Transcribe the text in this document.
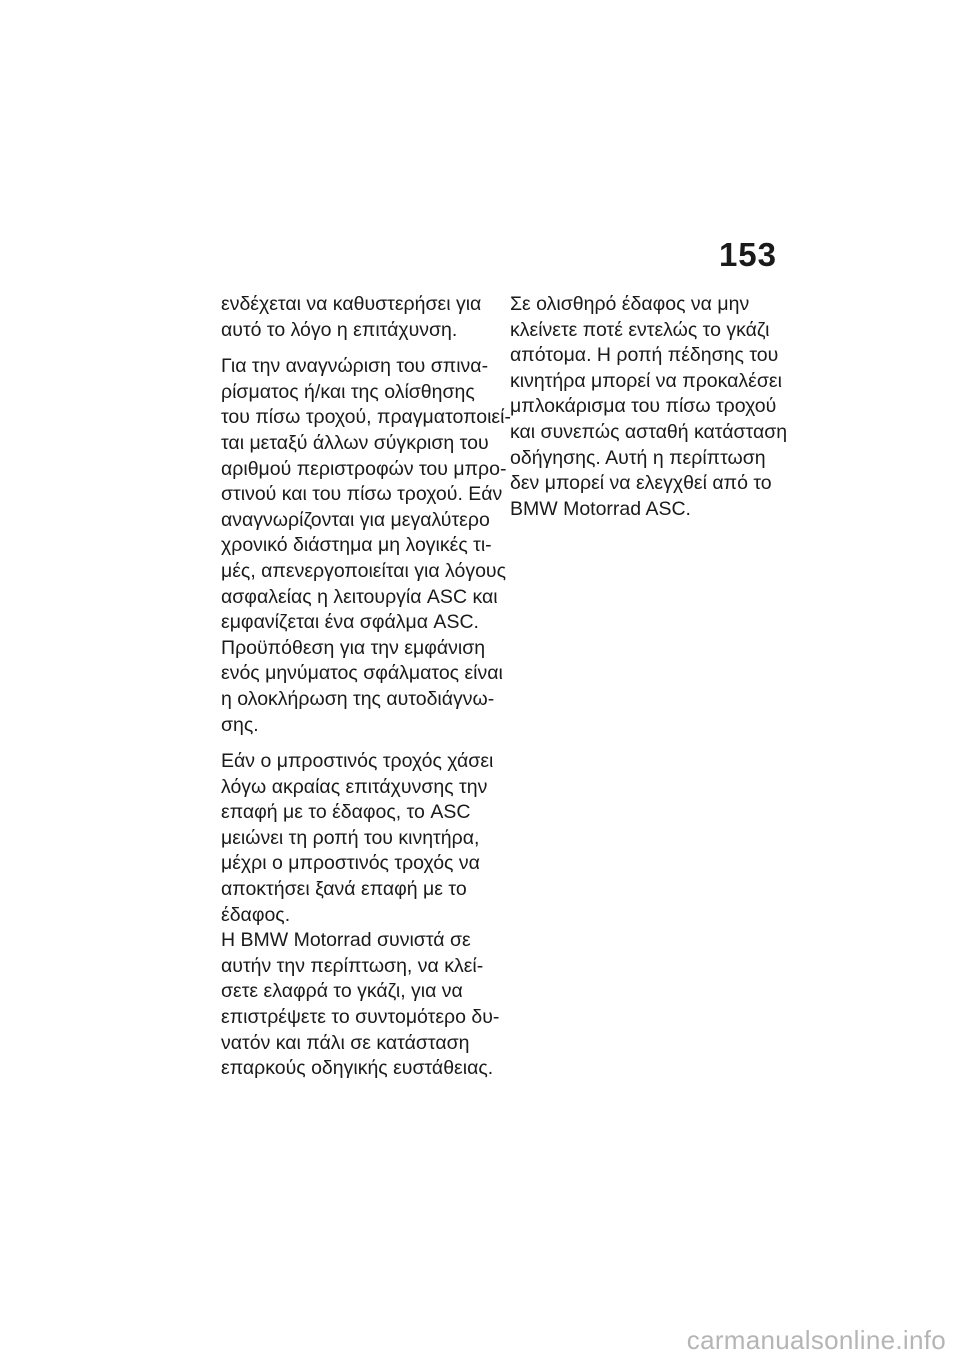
153

ενδέχεται να καθυστερήσει για
αυτό το λόγο η επιτάχυνση.

Για την αναγνώριση του σπινα-
ρίσματος ή/και της ολίσθησης
του πίσω τροχού, πραγματοποιεί-
ται μεταξύ άλλων σύγκριση του
αριθμού περιστροφών του μπρο-
στινού και του πίσω τροχού. Εάν
αναγνωρίζονται για μεγαλύτερο
χρονικό διάστημα μη λογικές τι-
μές, απενεργοποιείται για λόγους
ασφαλείας η λειτουργία ASC και
εμφανίζεται ένα σφάλμα ASC.
Προϋπόθεση για την εμφάνιση
ενός μηνύματος σφάλματος είναι
η ολοκλήρωση της αυτοδιάγνω-
σης.

Εάν ο μπροστινός τροχός χάσει
λόγω ακραίας επιτάχυνσης την
επαφή με το έδαφος, το ASC
μειώνει τη ροπή του κινητήρα,
μέχρι ο μπροστινός τροχός να
αποκτήσει ξανά επαφή με το
έδαφος.

Η BMW Motorrad συνιστά σε
αυτήν την περίπτωση, να κλεί-
σετε ελαφρά το γκάζι, για να
επιστρέψετε το συντομότερο δυ-
νατόν και πάλι σε κατάσταση
επαρκούς οδηγικής ευστάθειας.

Σε ολισθηρό έδαφος να μην
κλείνετε ποτέ εντελώς το γκάζι
απότομα. Η ροπή πέδησης του
κινητήρα μπορεί να προκαλέσει
μπλοκάρισμα του πίσω τροχού
και συνεπώς ασταθή κατάσταση
οδήγησης. Αυτή η περίπτωση
δεν μπορεί να ελεγχθεί από το
BMW Motorrad ASC.

carmanualsonline.info
